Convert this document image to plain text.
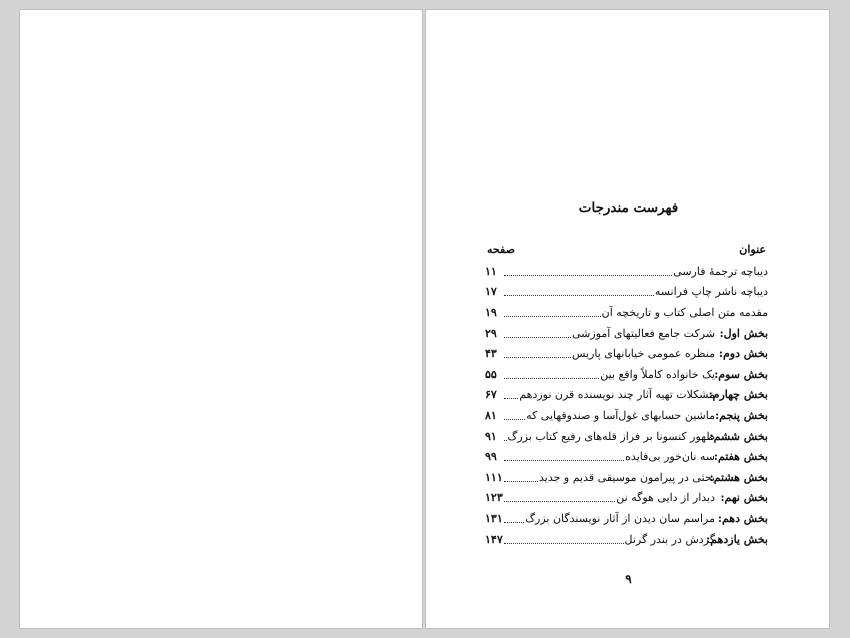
فهرست مندرجات
عنوان
صفحه
دیباچه ترجمهٔ فارسی
۱۱
دیباچه ناشر چاپ فرانسه
۱۷
مقدمه متن اصلی کتاب و تاریخچه آن
۱۹
بخش اول:
شرکت جامع فعالیتهای آموزشی
۲۹
بخش دوم:
منظره عمومی خیابانهای پاریس
۴۳
بخش سوم:
یک خانواده کاملاً واقع بین
۵۵
بخش چهارم:
مشکلات تهیه آثار چند نویسنده قرن نوزدهم
۶۷
بخش پنجم:
ماشین حسابهای غول‌آسا و صندوقهایی که
۸۱
بخش ششم:
ظهور کنسونا بر فراز قله‌های رفیع کتاب بزرگ
۹۱
بخش هفتم:
سه نان‌خور بی‌فایده
۹۹
بخش هشتم:
بحثی در پیرامون موسیقی قدیم و جدید
۱۱۱
بخش نهم:
دیدار از دایی هوگه نن
۱۲۳
بخش دهم:
مراسم سان دیدن از آثار نویسندگان بزرگ
۱۳۱
بخش یازدهم:
گردش در بندر گرنل
۱۴۷
۹
